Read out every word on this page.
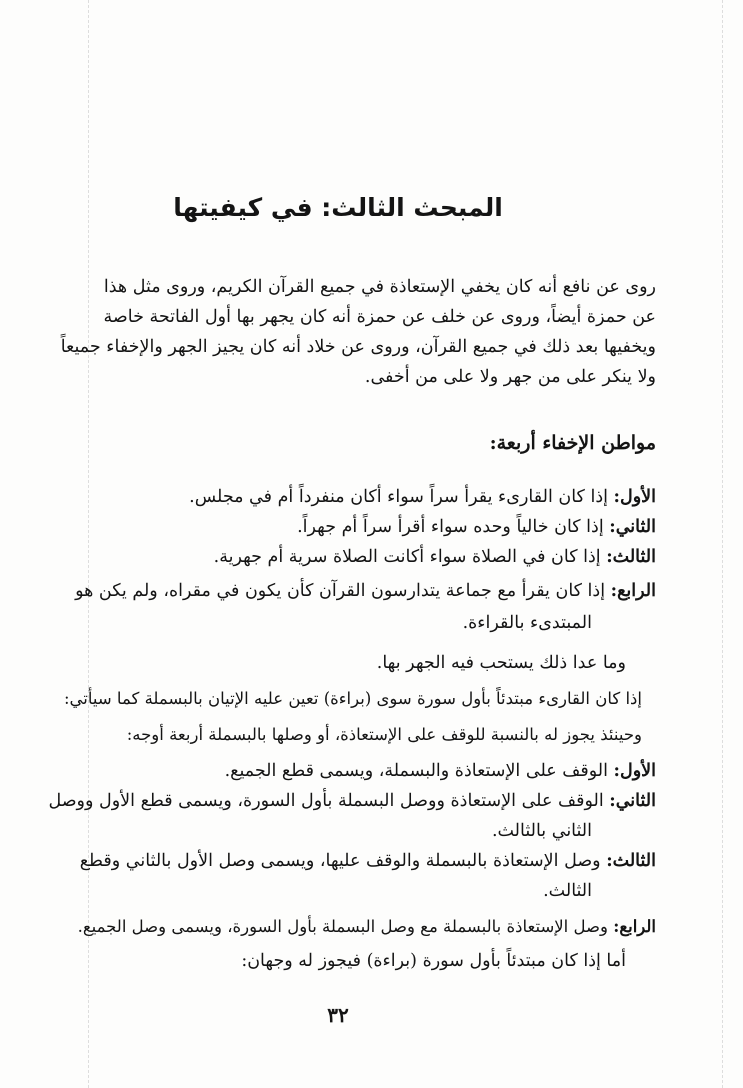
المبحث الثالث: في كيفيتها

روى عن نافع أنه كان يخفي الإستعاذة في جميع القرآن الكريم، وروى مثل هذا

عن حمزة أيضاً، وروى عن خلف عن حمزة أنه كان يجهر بها أول الفاتحة خاصة

ويخفيها بعد ذلك في جميع القرآن، وروى عن خلاد أنه كان يجيز الجهر والإخفاء جميعاً

ولا ينكر على من جهر ولا على من أخفى.

مواطن الإخفاء أربعة:

الأول: إذا كان القارىء يقرأ سراً سواء أكان منفرداً أم في مجلس.

الثاني: إذا كان خالياً وحده سواء أقرأ سراً أم جهراً.

الثالث: إذا كان في الصلاة سواء أكانت الصلاة سرية أم جهرية.

الرابع: إذا كان يقرأ مع جماعة يتدارسون القرآن كأن يكون في مقراه، ولم يكن هو

المبتدىء بالقراءة.

وما عدا ذلك يستحب فيه الجهر بها.

إذا كان القارىء مبتدئاً بأول سورة سوى (براءة) تعين عليه الإتيان بالبسملة كما سيأتي:

وحينئذ يجوز له بالنسبة للوقف على الإستعاذة، أو وصلها بالبسملة أربعة أوجه:

الأول: الوقف على الإستعاذة والبسملة، ويسمى قطع الجميع.

الثاني: الوقف على الإستعاذة ووصل البسملة بأول السورة، ويسمى قطع الأول ووصل

الثاني بالثالث.

الثالث: وصل الإستعاذة بالبسملة والوقف عليها، ويسمى وصل الأول بالثاني وقطع

الثالث.

الرابع: وصل الإستعاذة بالبسملة مع وصل البسملة بأول السورة، ويسمى وصل الجميع.

أما إذا كان مبتدئاً بأول سورة (براءة) فيجوز له وجهان:

٣٢
